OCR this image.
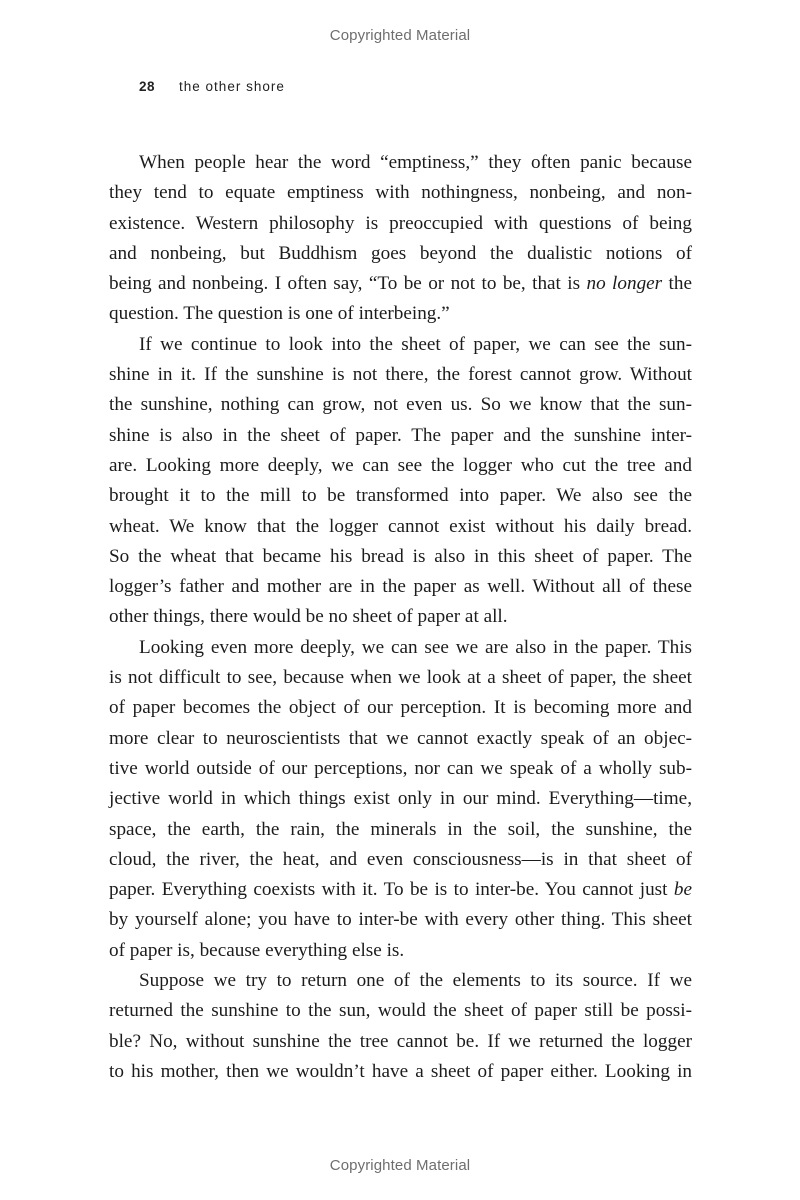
Copyrighted Material
28 the other shore

When people hear the word “emptiness,” they often panic because
they tend to equate emptiness with nothingness, nonbeing, and non-
existence. Western philosophy is preoccupied with questions of being
and nonbeing, but Buddhism goes beyond the dualistic notions of
being and nonbeing. I often say, “To be or not to be, that is no longer the
question. The question is one of interbeing.”

If we continue to look into the sheet of paper, we can see the sun-
shine in it. If the sunshine is not there, the forest cannot grow. Without
the sunshine, nothing can grow, not even us. So we know that the sun-
shine is also in the sheet of paper. The paper and the sunshine inter-
are. Looking more deeply, we can see the logger who cut the tree and
brought it to the mill to be transformed into paper. We also see the
wheat. We know that the logger cannot exist without his daily bread.
So the wheat that became his bread is also in this sheet of paper. The
logger’s father and mother are in the paper as well. Without all of these
other things, there would be no sheet of paper at all.

Looking even more deeply, we can see we are also in the paper. This
is not difficult to see, because when we look at a sheet of paper, the sheet
of paper becomes the object of our perception. It is becoming more and
more clear to neuroscientists that we cannot exactly speak of an objec-
tive world outside of our perceptions, nor can we speak of a wholly sub-
jective world in which things exist only in our mind. Everything—time,
space, the earth, the rain, the minerals in the soil, the sunshine, the
cloud, the river, the heat, and even consciousness—is in that sheet of
paper. Everything coexists with it. To be is to inter-be. You cannot just be
by yourself alone; you have to inter-be with every other thing. This sheet
of paper is, because everything else is.

Suppose we try to return one of the elements to its source. If we
returned the sunshine to the sun, would the sheet of paper still be possi-
ble? No, without sunshine the tree cannot be. If we returned the logger
to his mother, then we wouldn’t have a sheet of paper either. Looking in

Copyrighted Material
